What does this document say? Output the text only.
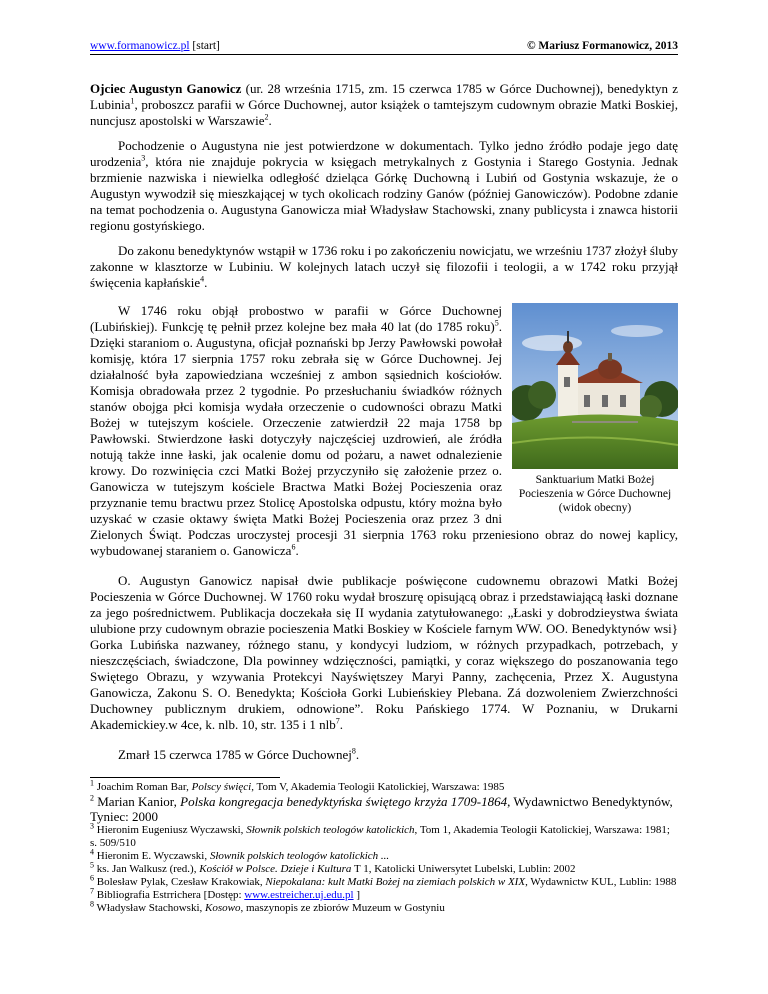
www.formanowicz.pl [start]	© Mariusz Formanowicz, 2013

Ojciec Augustyn Ganowicz (ur. 28 września 1715, zm. 15 czerwca 1785 w Górce Duchownej), benedyktyn z Lubinia$^1$, proboszcz parafii w Górce Duchownej, autor książek o tamtejszym cudownym obrazie Matki Boskiej, nuncjusz apostolski w Warszawie$^2$.

Pochodzenie o Augustyna nie jest potwierdzone w dokumentach. Tylko jedno źródło podaje jego datę urodzenia$^3$, która nie znajduje pokrycia w księgach metrykalnych z Gostynia i Starego Gostynia. Jednak brzmienie nazwiska i niewielka odległość dzieląca Górkę Duchowną i Lubiń od Gostynia wskazuje, że o Augustyn wywodził się mieszkającej w tych okolicach rodziny Ganów (później Ganowiczów). Podobne zdanie na temat pochodzenia o. Augustyna Ganowicza miał Władysław Stachowski, znany publicysta i znawca historii regionu gostyńskiego.

Do zakonu benedyktynów wstąpił w 1736 roku i po zakończeniu nowicjatu, we wrześniu 1737 złożył śluby zakonne w klasztorze w Lubiniu. W kolejnych latach uczył się filozofii i teologii, a w 1742 roku przyjął święcenia kapłańskie$^4$.

Sanktuarium Matki Bożej
Pocieszenia w Górce Duchownej
(widok obecny)

W 1746 roku objął probostwo w parafii w Górce Duchownej (Lubińskiej). Funkcję tę pełnił przez kolejne bez mała 40 lat (do 1785 roku)$^5$. Dzięki staraniom o. Augustyna, oficjał poznański bp Jerzy Pawłowski powołał komisję, która 17 sierpnia 1757 roku zebrała się w Górce Duchownej. Jej działalność była zapowiedziana wcześniej z ambon sąsiednich kościołów. Komisja obradowała przez 2 tygodnie. Po przesłuchaniu świadków różnych stanów obojga płci komisja wydała orzeczenie o cudowności obrazu Matki Bożej w tutejszym kościele. Orzeczenie zatwierdził 22 maja 1758 bp Pawłowski. Stwierdzone łaski dotyczyły najczęściej uzdrowień, ale źródła notują także inne łaski, jak ocalenie domu od pożaru, a nawet odnalezienie krowy. Do rozwinięcia czci Matki Bożej przyczyniło się założenie przez o. Ganowicza w tutejszym kościele Bractwa Matki Bożej Pocieszenia oraz przyznanie temu bractwu przez Stolicę Apostolska odpustu, który można było uzyskać w czasie oktawy święta Matki Bożej Pocieszenia oraz przez 3 dni Zielonych Świąt. Podczas uroczystej procesji 31 sierpnia 1763 roku przeniesiono obraz do nowej kaplicy, wybudowanej staraniem o. Ganowicza$^6$.

O. Augustyn Ganowicz napisał dwie publikacje poświęcone cudownemu obrazowi Matki Bożej Pocieszenia w Górce Duchownej. W 1760 roku wydał broszurę opisującą obraz i przedstawiającą łaski doznane za jego pośrednictwem. Publikacja doczekała się II wydania zatytułowanego: „Łaski y dobrodzieystwa świata ulubione przy cudownym obrazie pocieszenia Matki Boskiey w Kościele farnym WW. OO. Benedyktynów wsi} Gorka Lubińska nazwaney, różnego stanu, y kondycyi ludziom, w różnych przypadkach, potrzebach, y nieszczęściach, świadczone, Dla powinney wdzięczności, pamiątki, y coraz większego do poszanowania tego Swiętego Obrazu, y wzywania Protekcyi Nayświętszey Maryi Panny, zachęcenia, Przez X. Augustyna Ganowicza, Zakonu S. O. Benedykta; Kościoła Gorki Lubieńskiey Plebana. Zá dozwoleniem Zwierzchności Duchowney publicznym drukiem, odnowione”. Roku Pańskiego 1774. W Poznaniu, w Drukarni Akademickiey.w 4ce, k. nlb. 10, str. 135 i 1 nlb$^7$.

Zmarł 15 czerwca 1785 w Górce Duchownej$^8$.

$^1$ Joachim Roman Bar, Polscy święci, Tom V, Akademia Teologii Katolickiej, Warszawa: 1985

$^2$ Marian Kanior, Polska kongregacja benedyktyńska świętego krzyża 1709-1864, Wydawnictwo Benedyktynów, Tyniec: 2000

$^3$ Hieronim Eugeniusz Wyczawski, Słownik polskich teologów katolickich, Tom 1, Akademia Teologii Katolickiej, Warszawa: 1981; s. 509/510

$^4$ Hieronim E. Wyczawski, Słownik polskich teologów katolickich ...

$^5$ ks. Jan Walkusz (red.), Kościół w Polsce. Dzieje i Kultura T 1, Katolicki Uniwersytet Lubelski, Lublin: 2002

$^6$ Bolesław Pylak, Czesław Krakowiak, Niepokalana: kult Matki Bożej na ziemiach polskich w XIX, Wydawnictw KUL, Lublin: 1988

$^7$ Bibliografia Estrrichera [Dostęp: www.estreicher.uj.edu.pl ]

$^8$ Władysław Stachowski, Kosowo, maszynopis ze zbiorów Muzeum w Gostyniu
